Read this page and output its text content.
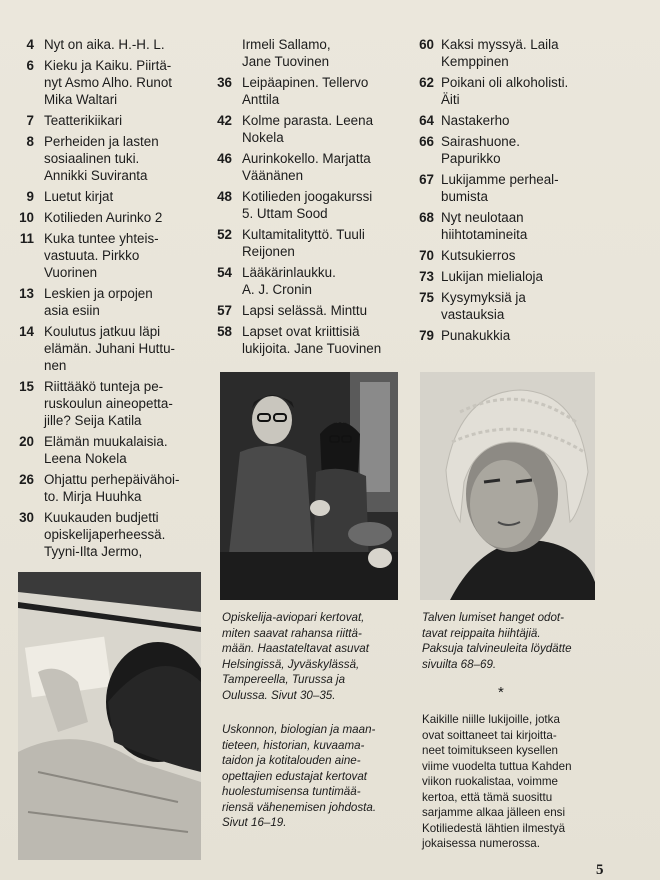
4 Nyt on aika. H.-H. L.
6 Kieku ja Kaiku. Piirtä-
nyt Asmo Alho. Runot
Mika Waltari
7 Teatterikiikari
8 Perheiden ja lasten
sosiaalinen tuki.
Annikki Suviranta
9 Luetut kirjat
10 Kotilieden Aurinko 2
11 Kuka tuntee yhteis-
vastuuta. Pirkko
Vuorinen
13 Leskien ja orpojen
asia esiin
14 Koulutus jatkuu läpi
elämän. Juhani Huttu-
nen
15 Riittääkö tunteja pe-
ruskoulun aineopetta-
jille? Seija Katila
20 Elämän muukalaisia.
Leena Nokela
26 Ohjattu perhepäivähoi-
to. Mirja Huuhka
30 Kuukauden budjetti
opiskelijaperheessä.
Tyyni-Ilta Jermo,
Irmeli Sallamo,
Jane Tuovinen
36 Leipäapinen. Tellervo
Anttila
42 Kolme parasta. Leena
Nokela
46 Aurinkokello. Marjatta
Väänänen
48 Kotilieden joogakurssi
5. Uttam Sood
52 Kultamitalityttö. Tuuli
Reijonen
54 Lääkärinlaukku.
A. J. Cronin
57 Lapsi selässä. Minttu
58 Lapset ovat kriittisiä
lukijoita. Jane Tuovinen
60 Kaksi myssyä. Laila
Kemppinen
62 Poikani oli alkoholisti.
Äiti
64 Nastakerho
66 Sairashuone.
Papurikko
67 Lukijamme perheal-
bumista
68 Nyt neulotaan
hiihtotamineita
70 Kutsukierros
73 Lukijan mielialoja
75 Kysymyksiä ja
vastauksia
79 Punakukkia
Opiskelija-aviopari kertovat,
miten saavat rahansa riittä-
mään. Haastateltavat asuvat
Helsingissä, Jyväskylässä,
Tampereella, Turussa ja
Oulussa. Sivut 30–35.
Talven lumiset hanget odot-
tavat reippaita hiihtäjiä.
Paksuja talvineuleita löydätte
sivuilta 68–69.
Uskonnon, biologian ja maan-
tieteen, historian, kuvaama-
taidon ja kotitalouden aine-
opettajien edustajat kertovat
huolestumisensa tuntimää-
riensä vähenemisen johdosta.
Sivut 16–19.
*
Kaikille niille lukijoille, jotka
ovat soittaneet tai kirjoitta-
neet toimitukseen kysellen
viime vuodelta tuttua Kahden
viikon ruokalistaa, voimme
kertoa, että tämä suosittu
sarjamme alkaa jälleen ensi
Kotiliedestä lähtien ilmestyä
jokaisessa numerossa.
5
